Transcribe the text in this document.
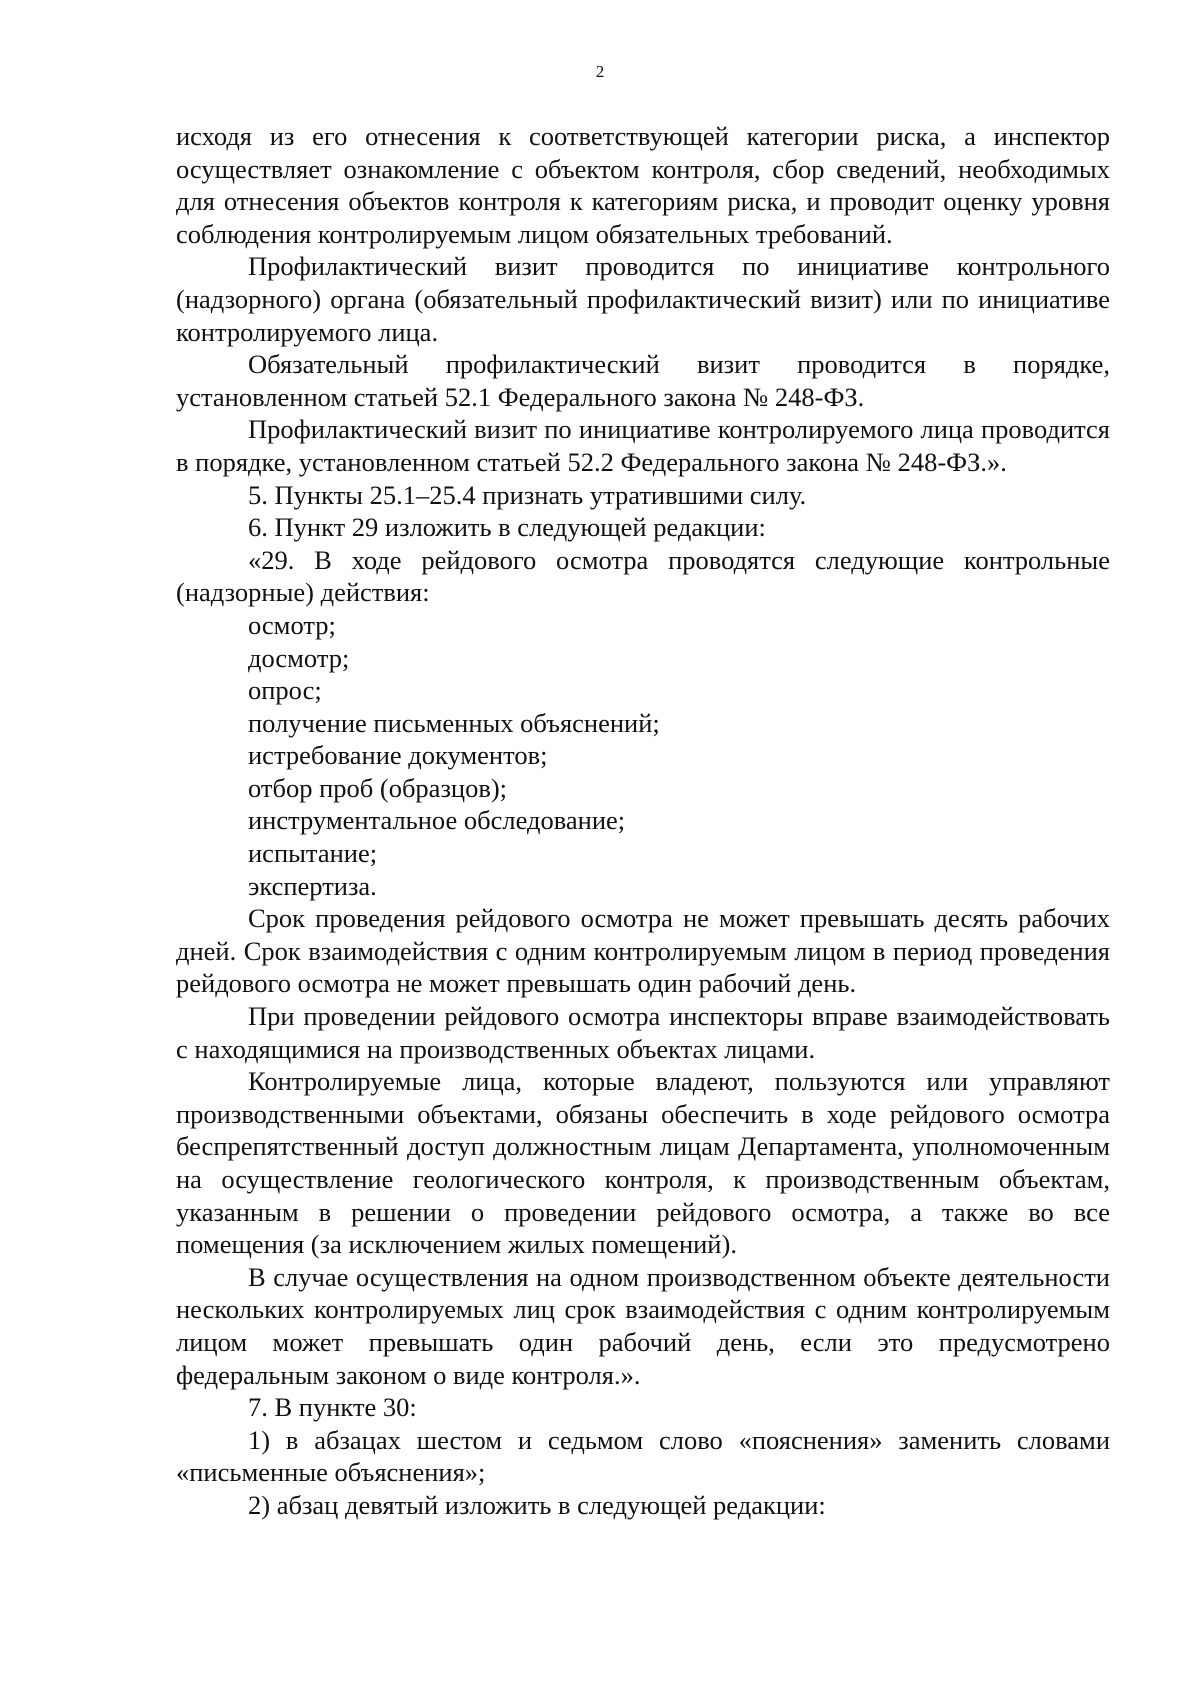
2

исходя из его отнесения к соответствующей категории риска, а инспектор осуществляет ознакомление с объектом контроля, сбор сведений, необходимых для отнесения объектов контроля к категориям риска, и проводит оценку уровня соблюдения контролируемым лицом обязательных требований.

Профилактический визит проводится по инициативе контрольного (надзорного) органа (обязательный профилактический визит) или по инициативе контролируемого лица.

Обязательный профилактический визит проводится в порядке, установленном статьей 52.1 Федерального закона № 248-ФЗ.

Профилактический визит по инициативе контролируемого лица проводится в порядке, установленном статьей 52.2 Федерального закона № 248-ФЗ.».

5. Пункты 25.1–25.4 признать утратившими силу.

6. Пункт 29 изложить в следующей редакции:

«29. В ходе рейдового осмотра проводятся следующие контрольные (надзорные) действия:

осмотр;

досмотр;

опрос;

получение письменных объяснений;

истребование документов;

отбор проб (образцов);

инструментальное обследование;

испытание;

экспертиза.

Срок проведения рейдового осмотра не может превышать десять рабочих дней. Срок взаимодействия с одним контролируемым лицом в период проведения рейдового осмотра не может превышать один рабочий день.

При проведении рейдового осмотра инспекторы вправе взаимодействовать с находящимися на производственных объектах лицами.

Контролируемые лица, которые владеют, пользуются или управляют производственными объектами, обязаны обеспечить в ходе рейдового осмотра беспрепятственный доступ должностным лицам Департамента, уполномоченным на осуществление геологического контроля, к производственным объектам, указанным в решении о проведении рейдового осмотра, а также во все помещения (за исключением жилых помещений).

В случае осуществления на одном производственном объекте деятельности нескольких контролируемых лиц срок взаимодействия с одним контролируемым лицом может превышать один рабочий день, если это предусмотрено федеральным законом о виде контроля.».

7. В пункте 30:

1) в абзацах шестом и седьмом слово «пояснения» заменить словами «письменные объяснения»;

2) абзац девятый изложить в следующей редакции:
